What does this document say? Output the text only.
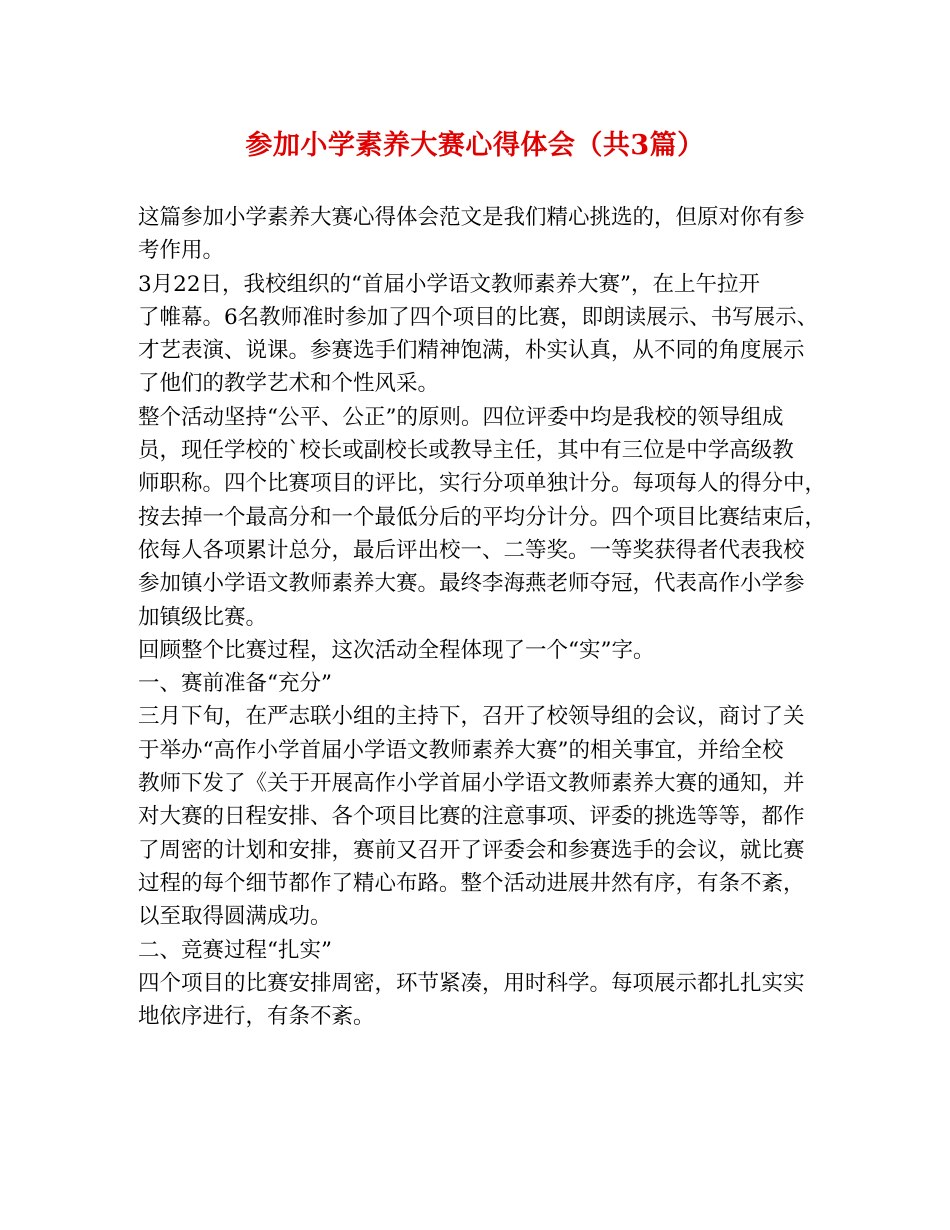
参加小学素养大赛心得体会（共3篇）

这篇参加小学素养大赛心得体会范文是我们精心挑选的，但原对你有参

考作用。

3月22日，我校组织的“首届小学语文教师素养大赛”，在上午拉开

了帷幕。6名教师准时参加了四个项目的比赛，即朗读展示、书写展示、

才艺表演、说课。参赛选手们精神饱满，朴实认真，从不同的角度展示

了他们的教学艺术和个性风采。

整个活动坚持“公平、公正”的原则。四位评委中均是我校的领导组成

员，现任学校的`校长或副校长或教导主任，其中有三位是中学高级教

师职称。四个比赛项目的评比，实行分项单独计分。每项每人的得分中，

按去掉一个最高分和一个最低分后的平均分计分。四个项目比赛结束后，

依每人各项累计总分，最后评出校一、二等奖。一等奖获得者代表我校

参加镇小学语文教师素养大赛。最终李海燕老师夺冠，代表高作小学参

加镇级比赛。

回顾整个比赛过程，这次活动全程体现了一个“实”字。

一、赛前准备“充分”

三月下旬，在严志联小组的主持下，召开了校领导组的会议，商讨了关

于举办“高作小学首届小学语文教师素养大赛”的相关事宜，并给全校

教师下发了《关于开展高作小学首届小学语文教师素养大赛的通知，并

对大赛的日程安排、各个项目比赛的注意事项、评委的挑选等等，都作

了周密的计划和安排，赛前又召开了评委会和参赛选手的会议，就比赛

过程的每个细节都作了精心布路。整个活动进展井然有序，有条不紊，

以至取得圆满成功。

二、竞赛过程“扎实”

四个项目的比赛安排周密，环节紧凑，用时科学。每项展示都扎扎实实

地依序进行，有条不紊。
